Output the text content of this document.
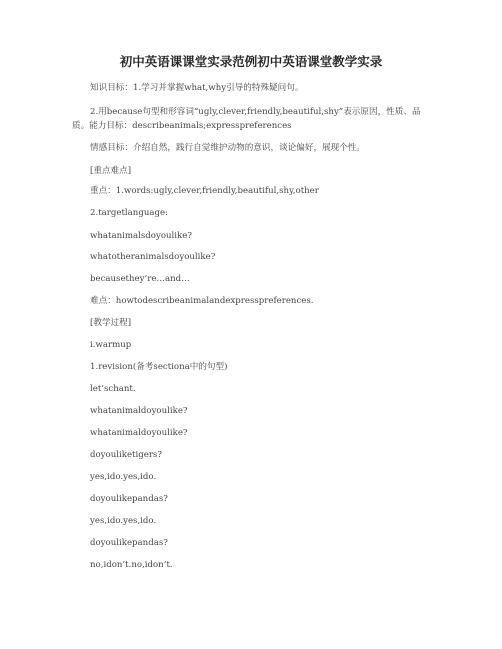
初中英语课课堂实录范例初中英语课堂教学实录
知识目标：1.学习并掌握what,why引导的特殊疑问句。
2.用because句型和形容词“ugly,clever,friendly,beautiful,shy”表示原因，性质、品质。能力目标：describeanimals;expresspreferences
情感目标：介绍自然，践行自觉维护动物的意识，谈论偏好，展现个性。
[重点难点]
重点：1.words:ugly,clever,friendly,beautiful,shy,other
2.targetlanguage:
whatanimalsdoyoulike?
whatotheranimalsdoyoulike?
becausethey’re…and…
难点：howtodescribeanimalandexpresspreferences.
[教学过程]
i.warmup
1.revision(备考sectiona中的句型)
let’schant.
whatanimaldoyoulike?
whatanimaldoyoulike?
doyouliketigers?
yes,ido.yes,ido.
doyoulikepandas?
yes,ido.yes,ido.
doyoulikepandas?
no,idon’t.no,idon’t.
